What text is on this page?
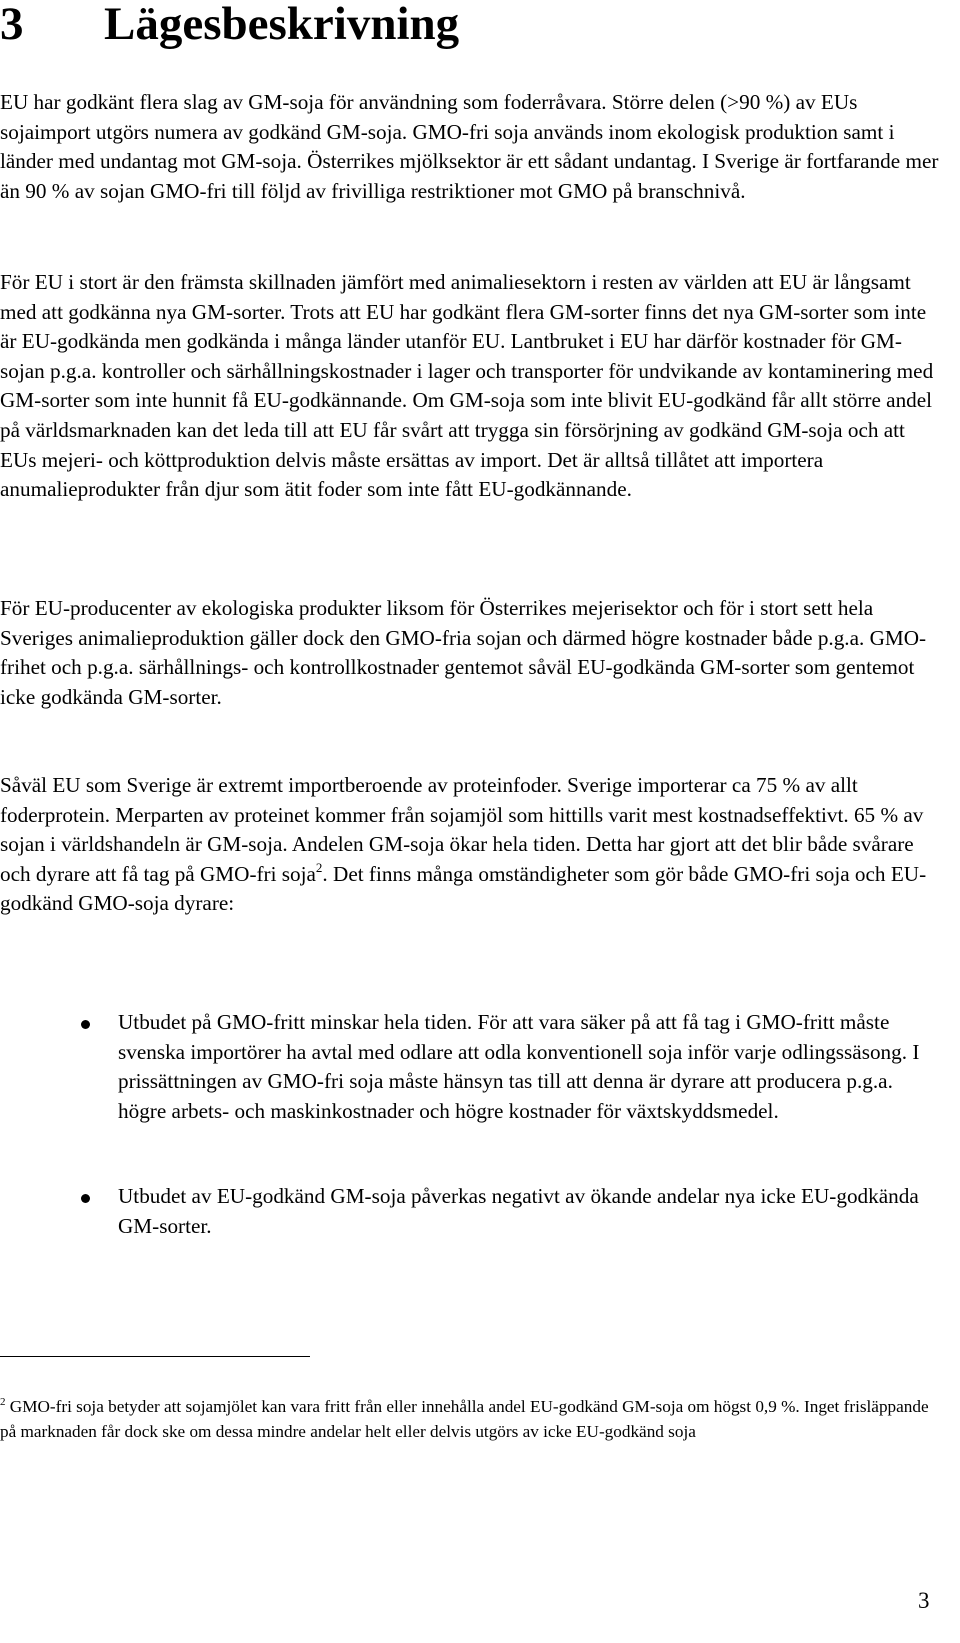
3 Lägesbeskrivning

EU har godkänt flera slag av GM-soja för användning som foderråvara. Större delen (>90 %) av EUs sojaimport utgörs numera av godkänd GM-soja. GMO-fri soja används inom ekologisk produktion samt i länder med undantag mot GM-soja. Österrikes mjölksektor är ett sådant undantag. I Sverige är fortfarande mer än 90 % av sojan GMO-fri till följd av frivilliga restriktioner mot GMO på branschnivå.

För EU i stort är den främsta skillnaden jämfört med animaliesektorn i resten av världen att EU är långsamt med att godkänna nya GM-sorter. Trots att EU har godkänt flera GM-sorter finns det nya GM-sorter som inte är EU-godkända men godkända i många länder utanför EU. Lantbruket i EU har därför kostnader för GM-sojan p.g.a. kontroller och särhållningskostnader i lager och transporter för undvikande av kontaminering med GM-sorter som inte hunnit få EU-godkännande. Om GM-soja som inte blivit EU-godkänd får allt större andel på världsmarknaden kan det leda till att EU får svårt att trygga sin försörjning av godkänd GM-soja och att EUs mejeri- och köttproduktion delvis måste ersättas av import. Det är alltså tillåtet att importera anumalieprodukter från djur som ätit foder som inte fått EU-godkännande.

För EU-producenter av ekologiska produkter liksom för Österrikes mejerisektor och för i stort sett hela Sveriges animalieproduktion gäller dock den GMO-fria sojan och därmed högre kostnader både p.g.a. GMO-frihet och p.g.a. särhållnings- och kontrollkostnader gentemot såväl EU-godkända GM-sorter som gentemot icke godkända GM-sorter.

Såväl EU som Sverige är extremt importberoende av proteinfoder. Sverige importerar ca 75 % av allt foderprotein. Merparten av proteinet kommer från sojamjöl som hittills varit mest kostnadseffektivt. 65 % av sojan i världshandeln är GM-soja. Andelen GM-soja ökar hela tiden. Detta har gjort att det blir både svårare och dyrare att få tag på GMO-fri soja$^2$. Det finns många omständigheter som gör både GMO-fri soja och EU-godkänd GMO-soja dyrare:

Utbudet på GMO-fritt minskar hela tiden. För att vara säker på att få tag i GMO-fritt måste svenska importörer ha avtal med odlare att odla konventionell soja inför varje odlingssäsong. I prissättningen av GMO-fri soja måste hänsyn tas till att denna är dyrare att producera p.g.a. högre arbets- och maskinkostnader och högre kostnader för växtskyddsmedel.
Utbudet av EU-godkänd GM-soja påverkas negativt av ökande andelar nya icke EU-godkända GM-sorter.

$^2$ GMO-fri soja betyder att sojamjölet kan vara fritt från eller innehålla andel EU-godkänd GM-soja om högst 0,9 %. Inget frisläppande på marknaden får dock ske om dessa mindre andelar helt eller delvis utgörs av icke EU-godkänd soja

3
